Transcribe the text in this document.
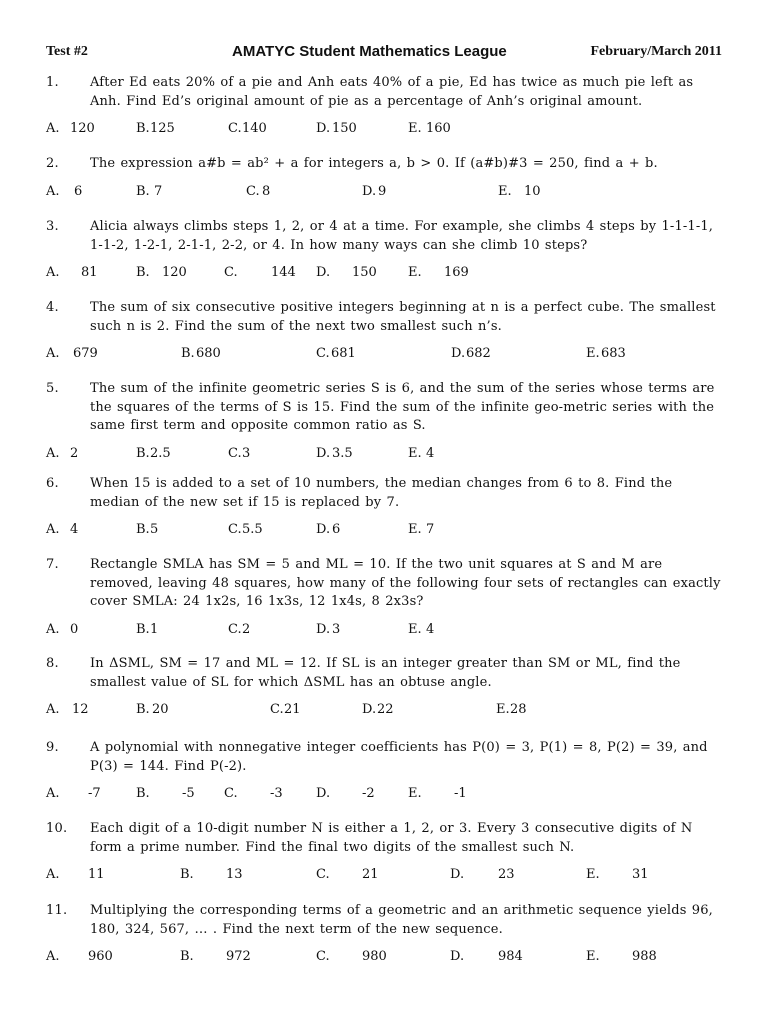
Test #2	AMATYC Student Mathematics League	February/March 2011
1. After Ed eats 20% of a pie and Anh eats 40% of a pie, Ed has twice as much pie left as Anh. Find Ed’s original amount of pie as a percentage of Anh’s original amount.
A. 120	B. 125	C. 140	D. 150	E. 160
2. The expression a#b = ab² + a for integers a, b > 0. If (a#b)#3 = 250, find a + b.
A. 6	B. 7	C. 8	D. 9	E. 10
3. Alicia always climbs steps 1, 2, or 4 at a time. For example, she climbs 4 steps by 1-1-1-1, 1-1-2, 1-2-1, 2-1-1, 2-2, or 4. In how many ways can she climb 10 steps?
A. 81	B. 120	C.	144 D. 150 E. 169
4. The sum of six consecutive positive integers beginning at n is a perfect cube. The smallest such n is 2. Find the sum of the next two smallest such n’s.
A. 679	B. 680	C. 681	D. 682	E. 683
5. The sum of the infinite geometric series S is 6, and the sum of the series whose terms are the squares of the terms of S is 15. Find the sum of the infinite geo-metric series with the same first term and opposite common ratio as S.
A. 2	B. 2.5	C. 3	D. 3.5	E. 4
6. When 15 is added to a set of 10 numbers, the median changes from 6 to 8. Find the median of the new set if 15 is replaced by 7.
A. 4	B. 5	C. 5.5	D. 6	E. 7
7. Rectangle SMLA has SM = 5 and ML = 10. If the two unit squares at S and M are removed, leaving 48 squares, how many of the following four sets of rectangles can exactly cover SMLA: 24 1x2s, 16 1x3s, 12 1x4s, 8 2x3s?
A. 0	B. 1	C. 2	D. 3	E. 4
8. In ΔSML, SM = 17 and ML = 12. If SL is an integer greater than SM or ML, find the smallest value of SL for which ΔSML has an obtuse angle.
A. 12	B. 20	C. 21	D. 22	E. 28
9. A polynomial with nonnegative integer coefficients has P(0) = 3, P(1) = 8, P(2) = 39, and P(3) = 144. Find P(-2).
A. -7	B. -5 C. -3	D. -2	E. -1
10. Each digit of a 10-digit number N is either a 1, 2, or 3. Every 3 consecutive digits of N form a prime number. Find the final two digits of the smallest such N.
A. 11	B. 13	C. 21	D.	23	E. 31
11. Multiplying the corresponding terms of a geometric and an arithmetic sequence yields 96, 180, 324, 567, … . Find the next term of the new sequence.
A. 960	B. 972	C. 980	D.	984	E. 988
